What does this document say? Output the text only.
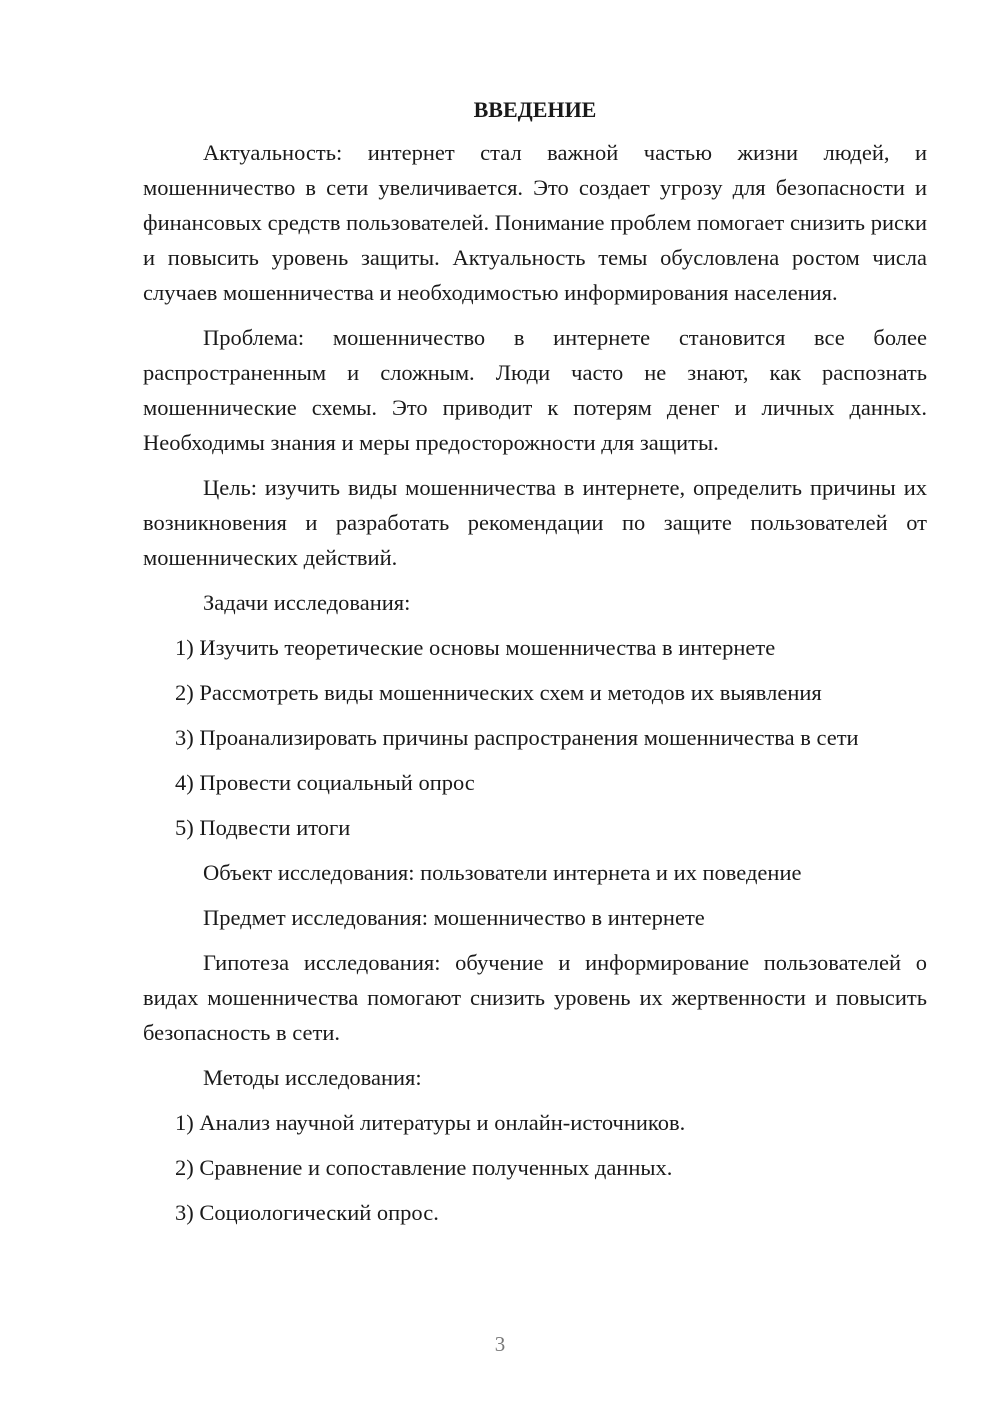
ВВЕДЕНИЕ

Актуальность: интернет стал важной частью жизни людей, и мошенничество в сети увеличивается. Это создает угрозу для безопасности и финансовых средств пользователей. Понимание проблем помогает снизить риски и повысить уровень защиты. Актуальность темы обусловлена ростом числа случаев мошенничества и необходимостью информирования населения.

Проблема: мошенничество в интернете становится все более распространенным и сложным. Люди часто не знают, как распознать мошеннические схемы. Это приводит к потерям денег и личных данных. Необходимы знания и меры предосторожности для защиты.

Цель: изучить виды мошенничества в интернете, определить причины их возникновения и разработать рекомендации по защите пользователей от мошеннических действий.

Задачи исследования:

1) Изучить теоретические основы мошенничества в интернете

2) Рассмотреть виды мошеннических схем и методов их выявления

3) Проанализировать причины распространения мошенничества в сети

4) Провести социальный опрос

5) Подвести итоги

Объект исследования: пользователи интернета и их поведение

Предмет исследования: мошенничество в интернете

Гипотеза исследования: обучение и информирование пользователей о видах мошенничества помогают снизить уровень их жертвенности и повысить безопасность в сети.

Методы исследования:

1) Анализ научной литературы и онлайн-источников.

2) Сравнение и сопоставление полученных данных.

3) Социологический опрос.

3
